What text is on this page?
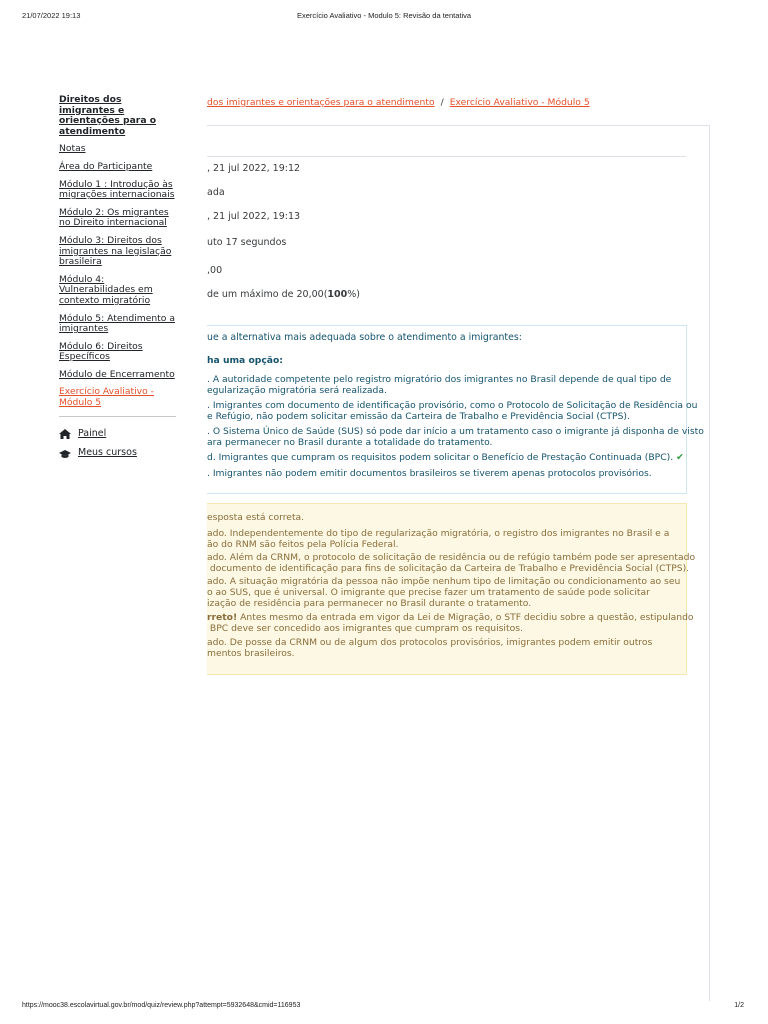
21/07/2022 19:13	Exercício Avaliativo - Modulo 5: Revisão da tentativa
Direitos dos imigrantes e orientações para o atendimento
Notas
Área do Participante
Módulo 1 : Introdução às migrações internacionais
Módulo 2: Os migrantes no Direito internacional
Módulo 3: Direitos dos imigrantes na legislação brasileira
Módulo 4: Vulnerabilidades em contexto migratório
Módulo 5: Atendimento a imigrantes
Módulo 6: Direitos Específicos
Módulo de Encerramento
Exercício Avaliativo - Módulo 5
Painel
Meus cursos
dos imigrantes e orientações para o atendimento / Exercício Avaliativo - Módulo 5
, 21 jul 2022, 19:12
ada
, 21 jul 2022, 19:13
uto 17 segundos
,00
de um máximo de 20,00(100%)
ue a alternativa mais adequada sobre o atendimento a imigrantes:
ha uma opção:
. A autoridade competente pelo registro migratório dos imigrantes no Brasil depende de qual tipo de
egularização migratória será realizada.
. Imigrantes com documento de identificação provisório, como o Protocolo de Solicitação de Residência ou
e Refúgio, não podem solicitar emissão da Carteira de Trabalho e Previdência Social (CTPS).
. O Sistema Único de Saúde (SUS) só pode dar início a um tratamento caso o imigrante já disponha de visto
ara permanecer no Brasil durante a totalidade do tratamento.
d. Imigrantes que cumpram os requisitos podem solicitar o Benefício de Prestação Continuada (BPC). ✔
. Imigrantes não podem emitir documentos brasileiros se tiverem apenas protocolos provisórios.
esposta está correta.
ado. Independentemente do tipo de regularização migratória, o registro dos imigrantes no Brasil e a
ão do RNM são feitos pela Polícia Federal.
ado. Além da CRNM, o protocolo de solicitação de residência ou de refúgio também pode ser apresentado
documento de identificação para fins de solicitação da Carteira de Trabalho e Previdência Social (CTPS).
ado. A situação migratória da pessoa não impõe nenhum tipo de limitação ou condicionamento ao seu
o ao SUS, que é universal. O imigrante que precise fazer um tratamento de saúde pode solicitar
ização de residência para permanecer no Brasil durante o tratamento.
rreto! Antes mesmo da entrada em vigor da Lei de Migração, o STF decidiu sobre a questão, estipulando
BPC deve ser concedido aos imigrantes que cumpram os requisitos.
ado. De posse da CRNM ou de algum dos protocolos provisórios, imigrantes podem emitir outros
mentos brasileiros.
https://mooc38.escolavirtual.gov.br/mod/quiz/review.php?attempt=5932648&cmid=116953	1/2
